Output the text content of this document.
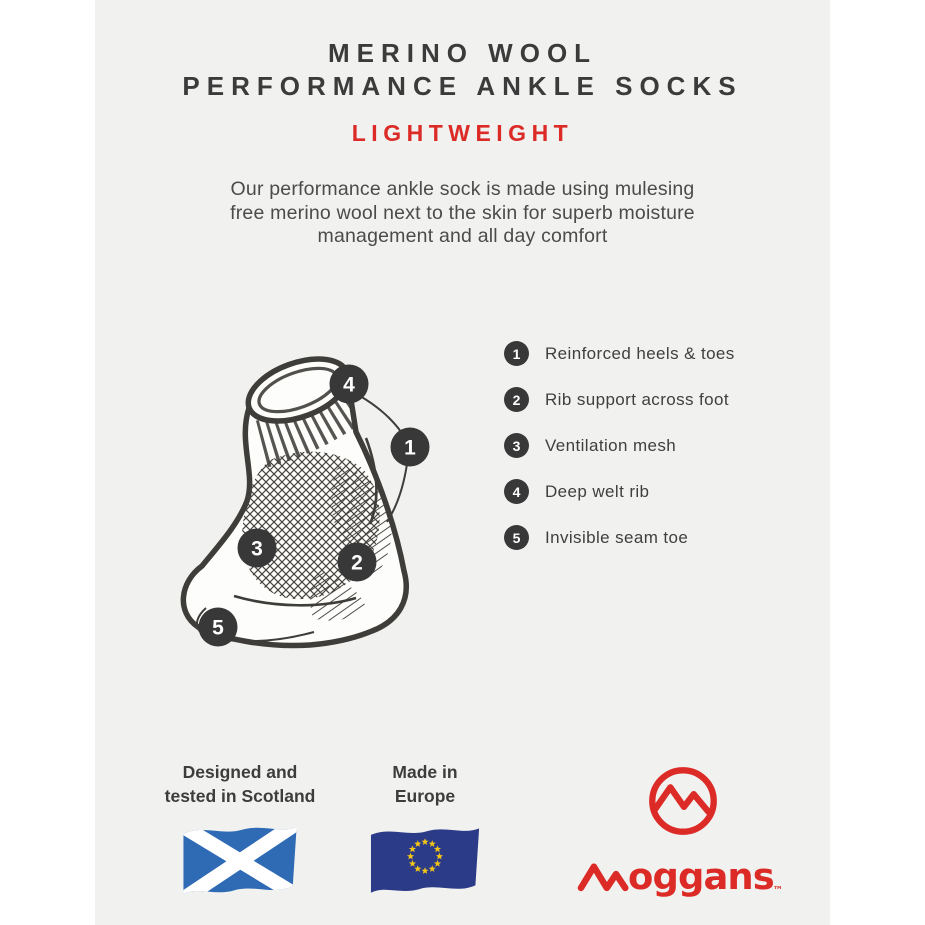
MERINO WOOL
PERFORMANCE ANKLE SOCKS
LIGHTWEIGHT

Our performance ankle sock is made using mulesing
free merino wool next to the skin for superb moisture
management and all day comfort

4
1
3
2
5
1	Reinforced heels & toes
2	Rib support across foot
3	Ventilation mesh
4	Deep welt rib
5	Invisible seam toe
Designed and
tested in Scotland
Made in
Europe
oggans ™
